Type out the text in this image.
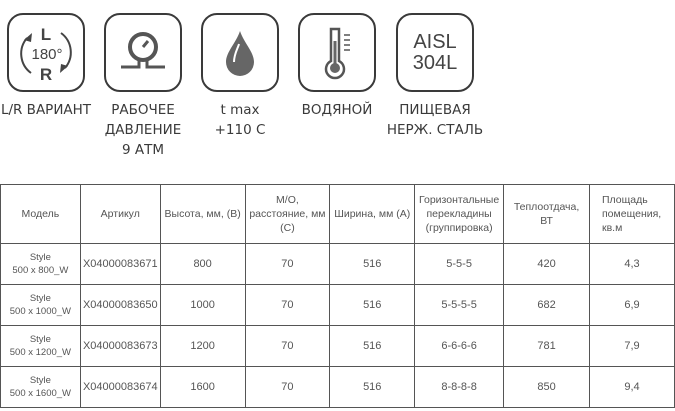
L
180°
R
L/R ВАРИАНТ	РАБОЧЕЕ
ДАВЛЕНИЕ
9 АТМ
t max
+110 C
ВОДЯНОЙ
AISL
304L
ПИЩЕВАЯ
НЕРЖ. СТАЛЬ
Модель	Артикул	Высота, мм, (В)	М/О, расстояние, мм (С)	Ширина, мм (А)	Горизонтальные перекладины (группировка)	Теплоотдача, ВТ	Площадь помещения, кв.м

Style
500 x 800_W	X04000083671	800	70	516	5-5-5	420	4,3

Style
500 x 1000_W	X04000083650	1000	70	516	5-5-5-5	682	6,9

Style
500 x 1200_W	X04000083673	1200	70	516	6-6-6-6	781	7,9

Style
500 x 1600_W	X04000083674	1600	70	516	8-8-8-8	850	9,4
